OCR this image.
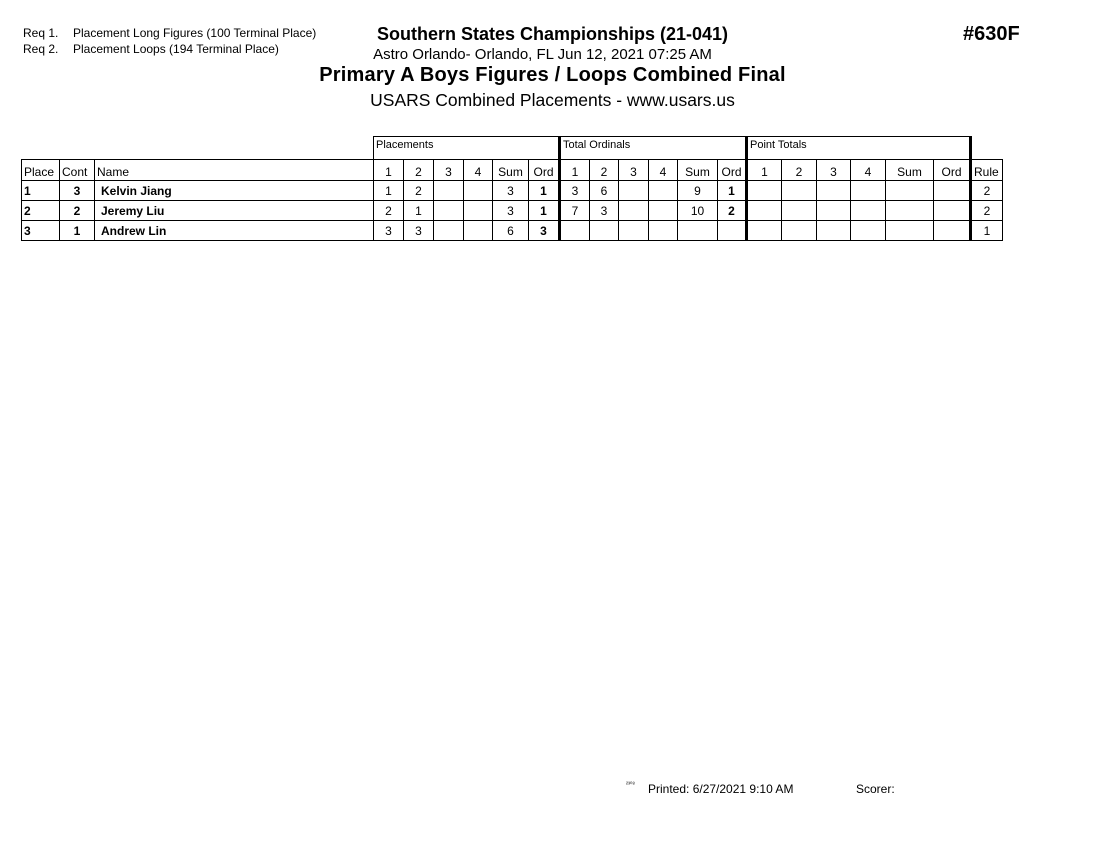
Req 1. Placement Long Figures (100 Terminal Place)
Req 2. Placement Loops (194 Terminal Place)
Southern States Championships (21-041)
Astro Orlando- Orlando, FL Jun 12, 2021 07:25 AM
Primary A Boys Figures / Loops Combined Final
USARS Combined Placements - www.usars.us
#630F
			Placements						Total Ordinals						Point Totals						
Place	Cont	Name	1	2	3	4	Sum	Ord	1	2	3	4	Sum	Ord	1	2	3	4	Sum	Ord	Rule
1	3	Kelvin Jiang	1	2			3	1	3	6			9	1							2
2	2	Jeremy Liu	2	1			3	1	7	3			10	2							2
3	1	Andrew Lin	3	3			6	3													1
²³⁰⁸ Printed: 6/27/2021 9:10 AM	Scorer:
